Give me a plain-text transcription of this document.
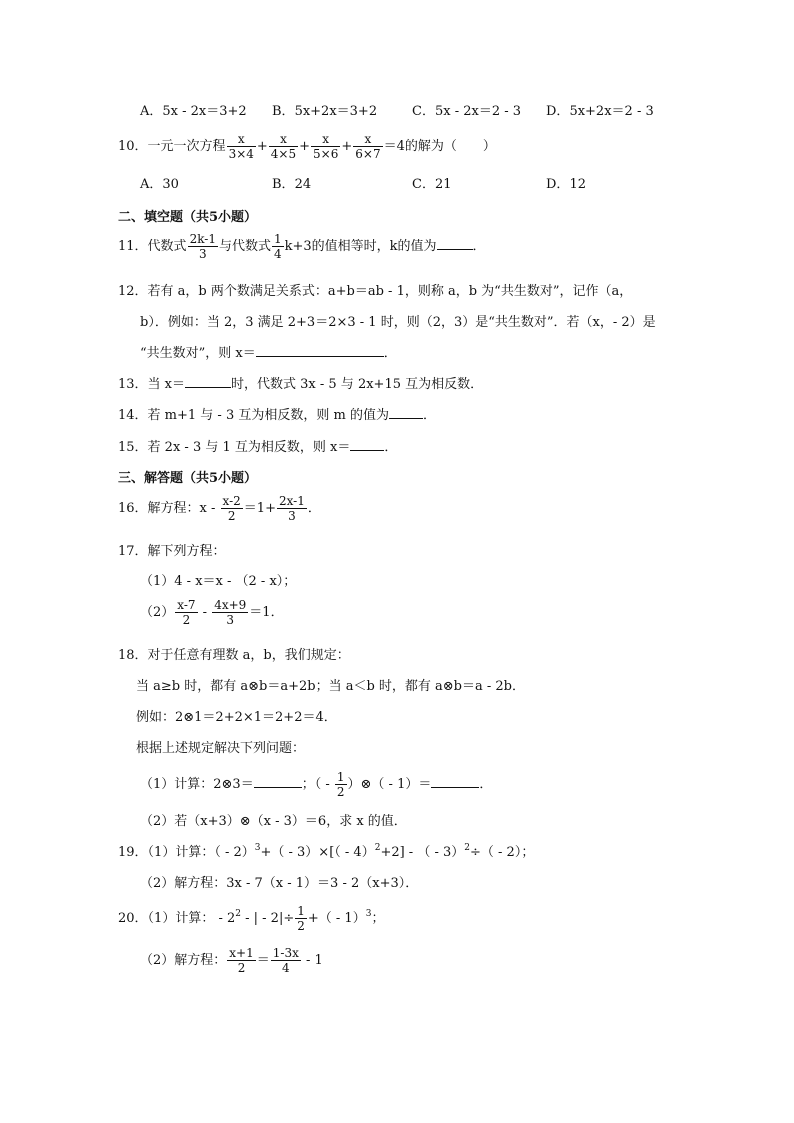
A．5x - 2x＝3+2 B．5x+2x＝3+2	C．5x - 2x＝2 - 3 D．5x+2x＝2 - 3
10．一元一次方程 $\frac{x}{3\times 4} + \frac{x}{4\times 5} + \frac{x}{5\times 6} + \frac{x}{6\times 7} =4$的解为（　　）
A．30	B．24	C．21	D．12
二、填空题（共5小题）
11．代数式 $\frac{2k-1}{3}$ 与代数式 $\frac{1}{4} k+3$的值相等时，k的值为	．
12．若有 a，b 两个数满足关系式：a+b＝ab - 1，则称 a，b 为“共生数对”，记作（a，
b）．例如：当 2，3 满足 2+3＝2×3 - 1 时，则（2，3）是“共生数对”．若（x，- 2）是
“共生数对”，则 x＝	．
13．当 x＝	时，代数式 3x - 5 与 2x+15 互为相反数．
14．若 m+1 与 - 3 互为相反数，则 m 的值为	．
15．若 2x - 3 与 1 互为相反数，则 x＝	．
三、解答题（共5小题）
16．解方程：$x - \frac{x-2}{2} =1+ \frac{2x-1}{3}$ ．
17．解下列方程：
（1）4 - x＝x - （2 - x）；
$(2) \frac{x-7}{2} - \frac{4x+9}{3} =1$．
18．对于任意有理数 a，b，我们规定：
当 a≥b 时，都有 a⊗b＝a+2b；当 a＜b 时，都有 a⊗b＝a - 2b．
例如：2⊗1＝2+2×1＝2+2＝4．
根据上述规定解决下列问题：
（1）计算：2⊗3＝	；（ - $\frac{1}{2}$ ）⊗（ - 1）＝	．
（2）若（x+3）⊗（x - 3）＝6，求 x 的值．
19．（1）计算：（ - 2）$^3$+（ - 3）×[（ - 4）$^2$+2] - （ - 3）$^2$÷（ - 2）；
（2）解方程：3x - 7（x - 1）＝3 - 2（x+3）．
20．（1）计算： - $2^2$ - | - $2|\div \frac{1}{2}$ +（ - 1）$^3$；
（2）解方程： $\frac{x+1}{2} = \frac{1-3x}{4} - 1$
